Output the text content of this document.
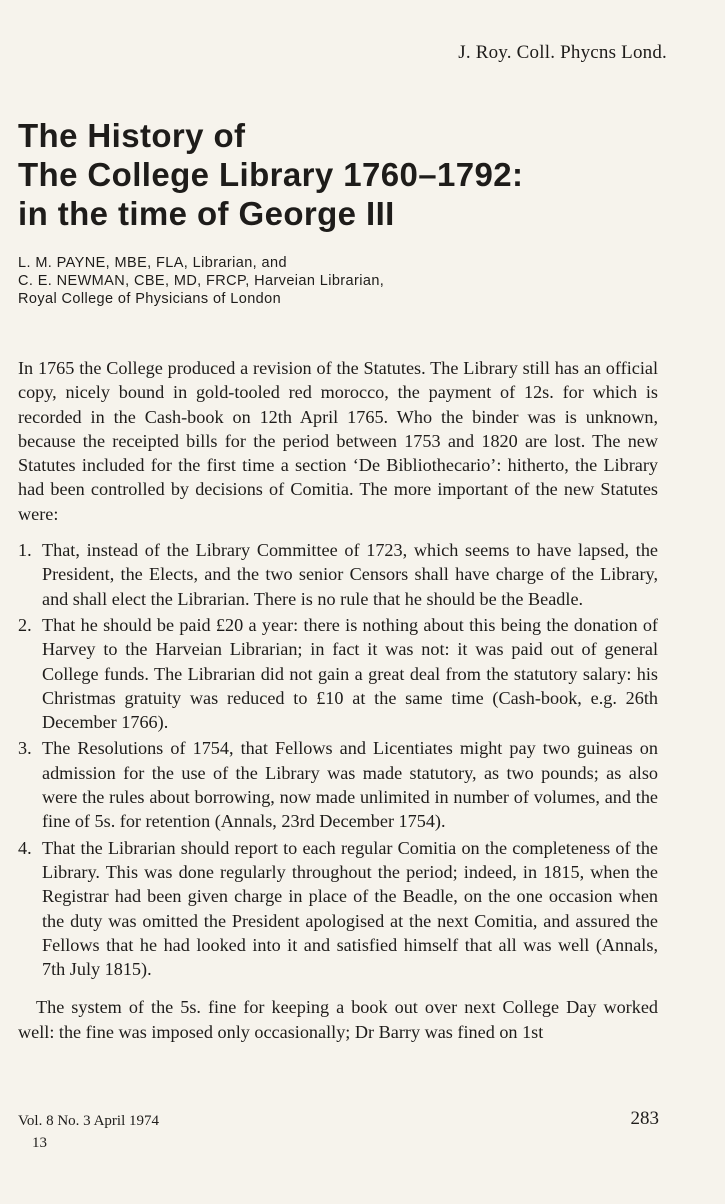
J. Roy. Coll. Phycns Lond.
The History of
The College Library 1760–1792:
in the time of George III
L. M. PAYNE, MBE, FLA, Librarian, and
C. E. NEWMAN, CBE, MD, FRCP, Harveian Librarian,
Royal College of Physicians of London

In 1765 the College produced a revision of the Statutes. The Library still has an official copy, nicely bound in gold-tooled red morocco, the payment of 12s. for which is recorded in the Cash-book on 12th April 1765. Who the binder was is unknown, because the receipted bills for the period between 1753 and 1820 are lost. The new Statutes included for the first time a section ‘De Bibliothecario’: hitherto, the Library had been controlled by decisions of Comitia. The more important of the new Statutes were:

1. That, instead of the Library Committee of 1723, which seems to have lapsed, the President, the Elects, and the two senior Censors shall have charge of the Library, and shall elect the Librarian. There is no rule that he should be the Beadle.
2. That he should be paid £20 a year: there is nothing about this being the donation of Harvey to the Harveian Librarian; in fact it was not: it was paid out of general College funds. The Librarian did not gain a great deal from the statutory salary: his Christmas gratuity was reduced to £10 at the same time (Cash-book, e.g. 26th December 1766).
3. The Resolutions of 1754, that Fellows and Licentiates might pay two guineas on admission for the use of the Library was made statutory, as two pounds; as also were the rules about borrowing, now made unlimited in number of volumes, and the fine of 5s. for retention (Annals, 23rd December 1754).
4. That the Librarian should report to each regular Comitia on the completeness of the Library. This was done regularly throughout the period; indeed, in 1815, when the Registrar had been given charge in place of the Beadle, on the one occasion when the duty was omitted the President apologised at the next Comitia, and assured the Fellows that he had looked into it and satisfied himself that all was well (Annals, 7th July 1815).

The system of the 5s. fine for keeping a book out over next College Day worked well: the fine was imposed only occasionally; Dr Barry was fined on 1st

Vol. 8 No. 3 April 1974
13
283
